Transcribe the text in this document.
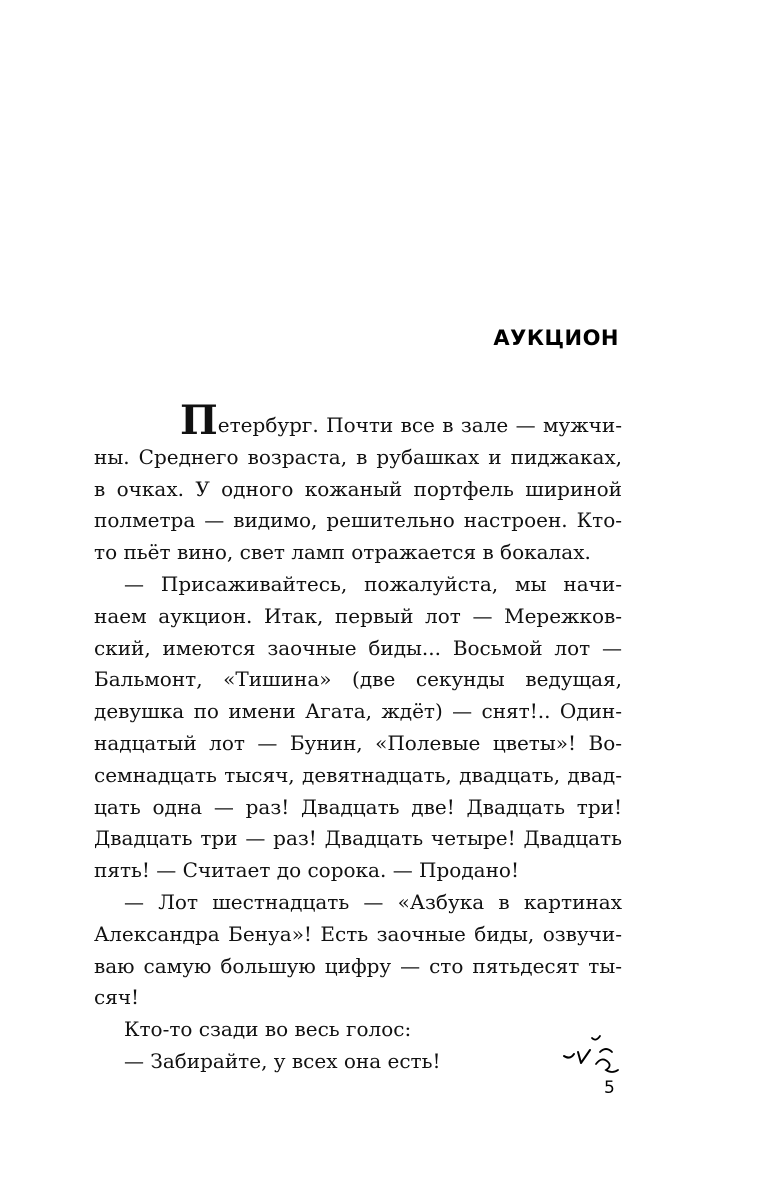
АУКЦИОН
Петербург. Почти все в зале — мужчи-
ны. Среднего возраста, в рубашках и пиджаках,
в очках. У одного кожаный портфель шириной
полметра — видимо, решительно настроен. Кто-
то пьёт вино, свет ламп отражается в бокалах.
— Присаживайтесь, пожалуйста, мы начи-
наем аукцион. Итак, первый лот — Мережков-
ский, имеются заочные биды... Восьмой лот —
Бальмонт, «Тишина» (две секунды ведущая,
девушка по имени Агата, ждёт) — снят!.. Один-
надцатый лот — Бунин, «Полевые цветы»! Во-
семнадцать тысяч, девятнадцать, двадцать, двад-
цать одна — раз! Двадцать две! Двадцать три!
Двадцать три — раз! Двадцать четыре! Двадцать
пять! — Считает до сорока. — Продано!
— Лот шестнадцать — «Азбука в картинах
Александра Бенуа»! Есть заочные биды, озвучи-
ваю самую большую цифру — сто пятьдесят ты-
сяч!
Кто-то сзади во весь голос:
— Забирайте, у всех она есть!
5
